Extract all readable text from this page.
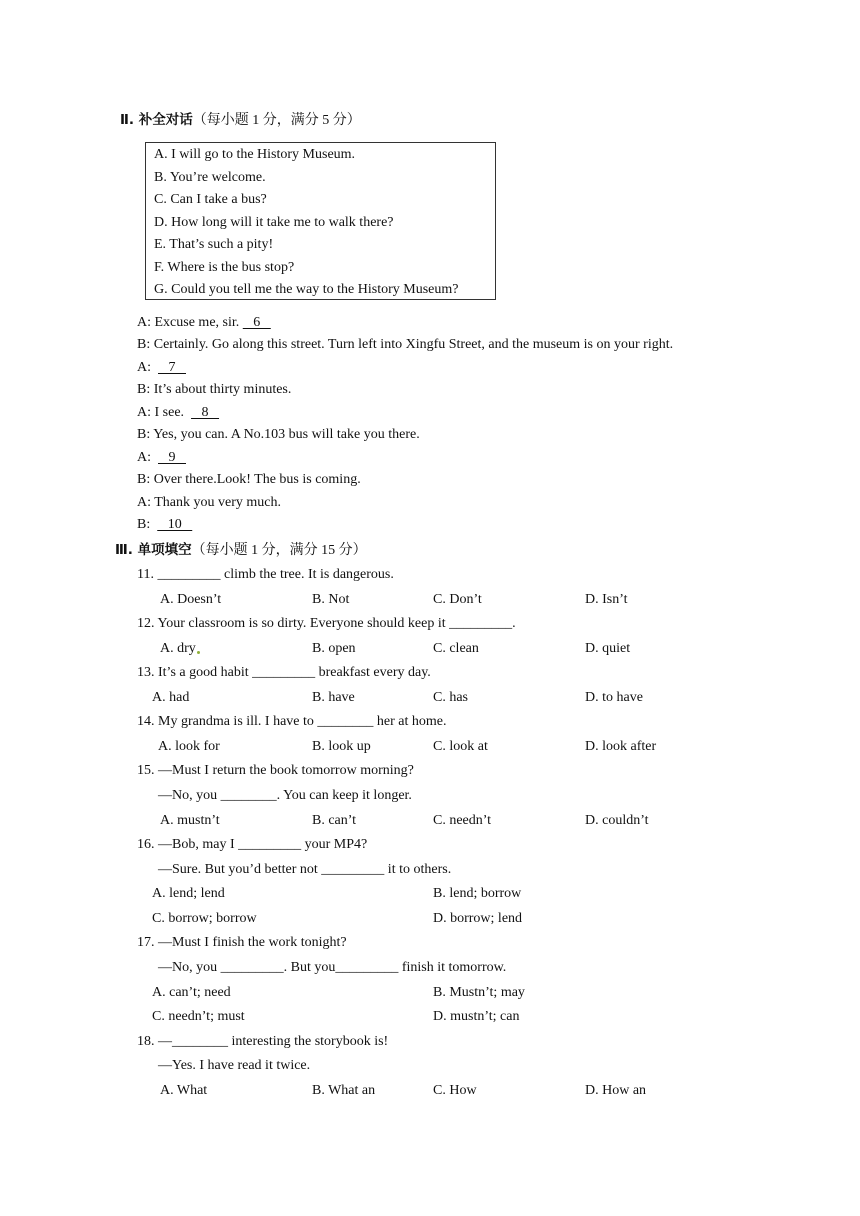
Ⅱ. 补全对话（每小题 1 分，满分 5 分）
A. I will go to the History Museum.
B. You’re welcome.
C. Can I take a bus?
D. How long will it take me to walk there?
E. That’s such a pity!
F. Where is the bus stop?
G. Could you tell me the way to the History Museum?
A: Excuse me, sir.    6
B: Certainly. Go along this street. Turn left into Xingfu Street, and the museum is on your right.
A:     7
B: It’s about thirty minutes.
A: I see.     8
B: Yes, you can. A No.103 bus will take you there.
A:     9
B: Over there.Look! The bus is coming.
A: Thank you very much.
B:     10
Ⅲ. 单项填空（每小题 1 分，满分 15 分）
11. _________ climb the tree. It is dangerous.
A. Doesn’t	B. Not	C. Don’t	D. Isn’t
12. Your classroom is so dirty. Everyone should keep it _________.
A. dry	B. open	C. clean	D. quiet
13. It’s a good habit _________ breakfast every day.
A. had	B. have	C. has	D. to have
14. My grandma is ill. I have to ________ her at home.
A. look for	B. look up	C. look at	D. look after
15. —Must I return the book tomorrow morning?
—No, you ________. You can keep it longer.
A. mustn’t	B. can’t	C. needn’t	D. couldn’t
16. —Bob, may I _________ your MP4?
—Sure. But you’d better not _________ it to others.
A. lend; lend	B. lend; borrow
C. borrow; borrow	D. borrow; lend
17. —Must I finish the work tonight?
—No, you _________. But you_________ finish it tomorrow.
A. can’t; need	B. Mustn’t; may
C. needn’t; must	D. mustn’t; can
18. —________ interesting the storybook is!
—Yes. I have read it twice.
A. What	B. What an	C. How	D. How an
